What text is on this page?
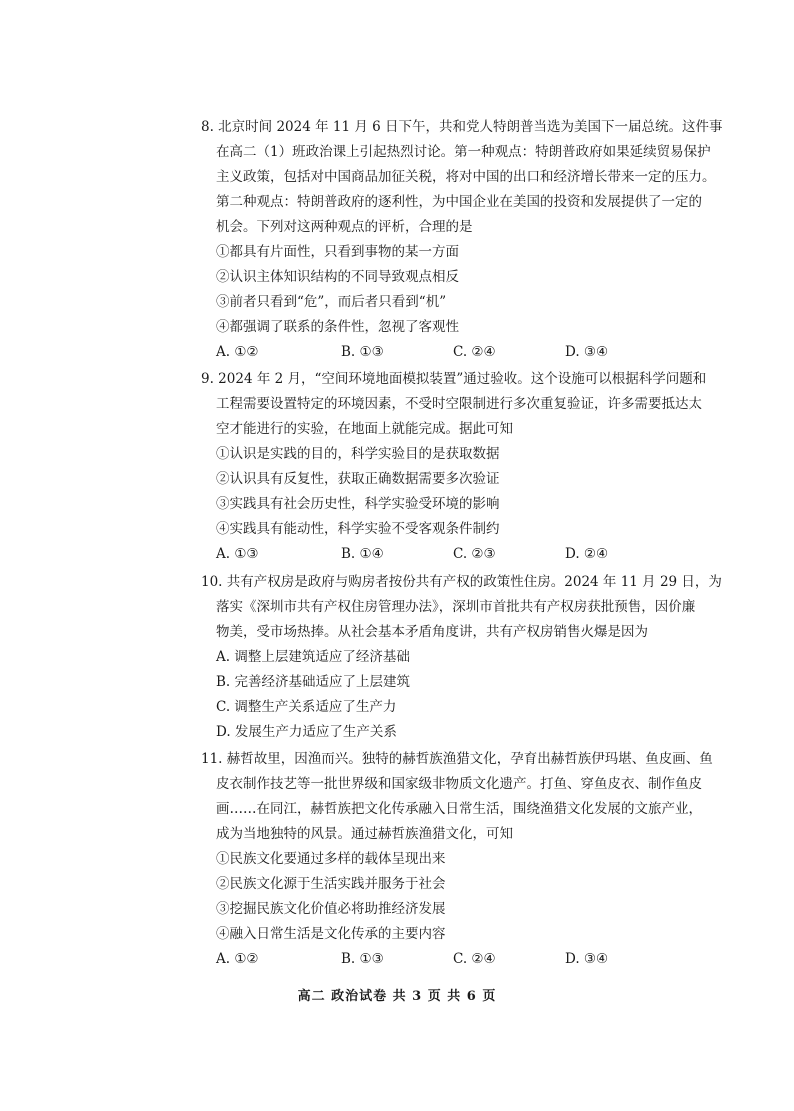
8. 北京时间 2024 年 11 月 6 日下午，共和党人特朗普当选为美国下一届总统。这件事
在高二（1）班政治课上引起热烈讨论。第一种观点：特朗普政府如果延续贸易保护
主义政策，包括对中国商品加征关税，将对中国的出口和经济增长带来一定的压力。
第二种观点：特朗普政府的逐利性，为中国企业在美国的投资和发展提供了一定的
机会。下列对这两种观点的评析，合理的是
①都具有片面性，只看到事物的某一方面
②认识主体知识结构的不同导致观点相反
③前者只看到“危”，而后者只看到“机”
④都强调了联系的条件性，忽视了客观性
A. ①②	B. ①③	C. ②④	D. ③④
9. 2024 年 2 月，“空间环境地面模拟装置”通过验收。这个设施可以根据科学问题和
工程需要设置特定的环境因素，不受时空限制进行多次重复验证，许多需要抵达太
空才能进行的实验，在地面上就能完成。据此可知
①认识是实践的目的，科学实验目的是获取数据
②认识具有反复性，获取正确数据需要多次验证
③实践具有社会历史性，科学实验受环境的影响
④实践具有能动性，科学实验不受客观条件制约
A. ①③	B. ①④	C. ②③	D. ②④
10. 共有产权房是政府与购房者按份共有产权的政策性住房。2024 年 11 月 29 日，为
落实《深圳市共有产权住房管理办法》，深圳市首批共有产权房获批预售，因价廉
物美，受市场热捧。从社会基本矛盾角度讲，共有产权房销售火爆是因为
A. 调整上层建筑适应了经济基础
B. 完善经济基础适应了上层建筑
C. 调整生产关系适应了生产力
D. 发展生产力适应了生产关系
11. 赫哲故里，因渔而兴。独特的赫哲族渔猎文化，孕育出赫哲族伊玛堪、鱼皮画、鱼
皮衣制作技艺等一批世界级和国家级非物质文化遗产。打鱼、穿鱼皮衣、制作鱼皮
画……在同江，赫哲族把文化传承融入日常生活，围绕渔猎文化发展的文旅产业，
成为当地独特的风景。通过赫哲族渔猎文化，可知
①民族文化要通过多样的载体呈现出来
②民族文化源于生活实践并服务于社会
③挖掘民族文化价值必将助推经济发展
④融入日常生活是文化传承的主要内容
A. ①②	B. ①③	C. ②④	D. ③④
高二 政治试卷 共 3 页 共 6 页
